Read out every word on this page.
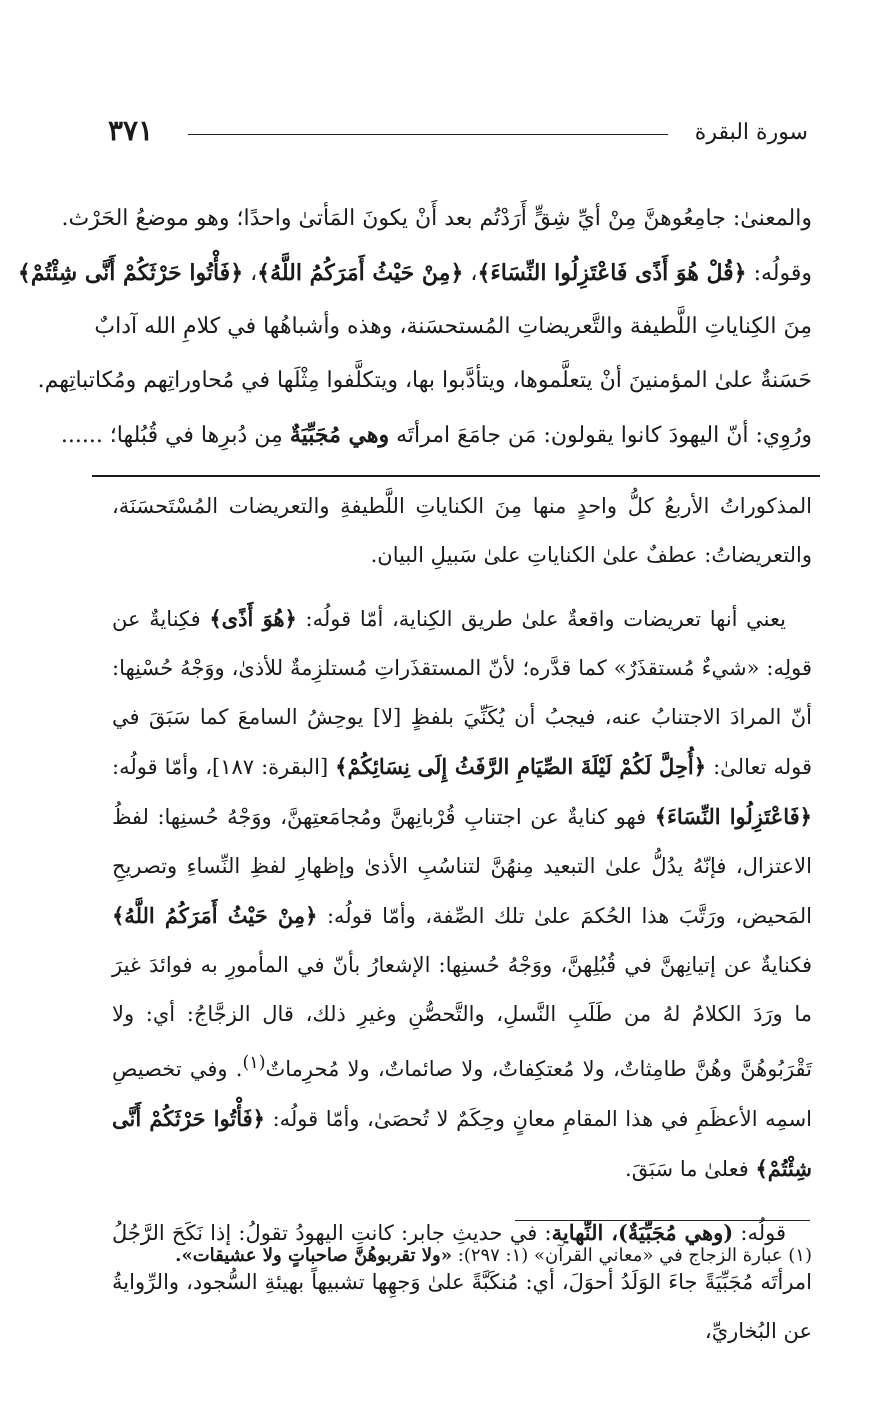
سورة البقرة
٣٧١
والمعنىٰ: جامِعُوهنَّ مِنْ أيِّ شِقٍّ أَرَدْتُم بعد أَنْ يكونَ المَأتىٰ واحدًا؛ وهو موضعُ الحَرْث.
وقولُه: ﴿قُلْ هُوَ أَذًى فَاعْتَزِلُوا النِّسَاءَ﴾، ﴿مِنْ حَيْثُ أَمَرَكُمُ اللَّهُ﴾، ﴿فَأْتُوا حَرْثَكُمْ أَنَّى شِئْتُمْ﴾
مِنَ الكِناياتِ اللَّطيفة والتَّعريضاتِ المُستحسَنة، وهذه وأشباهُها في كلامِ الله آدابٌ
حَسَنةٌ علىٰ المؤمنينَ أنْ يتعلَّموها، ويتأدَّبوا بها، ويتكلَّفوا مِثْلَها في مُحاوراتِهم ومُكاتباتِهم.
ورُوِي: أنّ اليهودَ كانوا يقولون: مَن جامَعَ امرأتَه وهي مُجَبِّيَةٌ مِن دُبرِها في قُبُلها؛ ......

المذكوراتُ الأربعُ كلُّ واحدٍ منها مِنَ الكناياتِ اللَّطيفةِ والتعريضات المُسْتَحسَنَة، والتعريضاتُ: عطفٌ علىٰ الكناياتِ علىٰ سَبيلِ البيان.

يعني أنها تعريضات واقعةٌ علىٰ طريق الكِناية، أمّا قولُه: ﴿هُوَ أَذًى﴾ فكِنايةٌ عن قولِه: «شيءٌ مُستقذَرٌ» كما قدَّره؛ لأنّ المستقذَراتِ مُستلزِمةٌ للأذىٰ، ووَجْهُ حُسْنِها: أنّ المرادَ الاجتنابُ عنه، فيجبُ أن يُكَنِّيَ بلفظٍ [لا] يوحِشُ السامعَ كما سَبَقَ في قوله تعالىٰ: ﴿أُحِلَّ لَكُمْ لَيْلَةَ الصِّيَامِ الرَّفَثُ إِلَى نِسَائِكُمْ﴾ [البقرة: ١٨٧]، وأمّا قولُه: ﴿فَاعْتَزِلُوا النِّسَاءَ﴾ فهو كنايةٌ عن اجتنابِ قُرْبانِهنَّ ومُجامَعتِهنَّ، ووَجْهُ حُسنِها: لفظُ الاعتزال، فإنّهُ يدُلُّ علىٰ التبعيد مِنهُنَّ لتناسُبِ الأذىٰ وإظهارِ لفظِ النِّساءِ وتصريحِ المَحيض، ورَتَّبَ هذا الحُكمَ علىٰ تلك الصِّفة، وأمّا قولُه: ﴿مِنْ حَيْثُ أَمَرَكُمُ اللَّهُ﴾ فكنايةٌ عن إتيانِهنَّ في قُبُلِهنَّ، ووَجْهُ حُسنِها: الإشعارُ بأنّ في المأمورِ به فوائدَ غيرَ ما ورَدَ الكلامُ لهُ من طَلَبِ النَّسلِ، والتَّحصُّنِ وغيرِ ذلك، قال الزجَّاجُ: أي: ولا تَقْرَبُوهُنَّ وهُنَّ طامِثاتٌ، ولا مُعتكِفاتٌ، ولا صائماتٌ، ولا مُحرِماتٌ$^{(١)}$. وفي تخصيصِ اسمِه الأعظَمِ في هذا المقامِ معانٍ وحِكَمٌ لا تُحصَىٰ، وأمّا قولُه: ﴿فَأْتُوا حَرْثَكُمْ أَنَّى شِئْتُمْ﴾ فعلىٰ ما سَبَقَ.

قولُه: (وهي مُجَبِّيَةٌ)، النِّهاية: في حديثِ جابر: كانتِ اليهودُ تقولُ: إذا نَكَحَ الرَّجُلُ امرأتَه مُجَبِّيَةً جاءَ الوَلَدُ أحوَلَ، أي: مُنكَبَّةً علىٰ وَجهِها تشبيهاً بهيئةِ السُّجود، والرِّوايةُ عن البُخاريِّ،

(١) عبارة الزجاج في «معاني القرآن» (١: ٢٩٧): «ولا تقربوهُنَّ صاحباتٍ ولا عشيقات».
